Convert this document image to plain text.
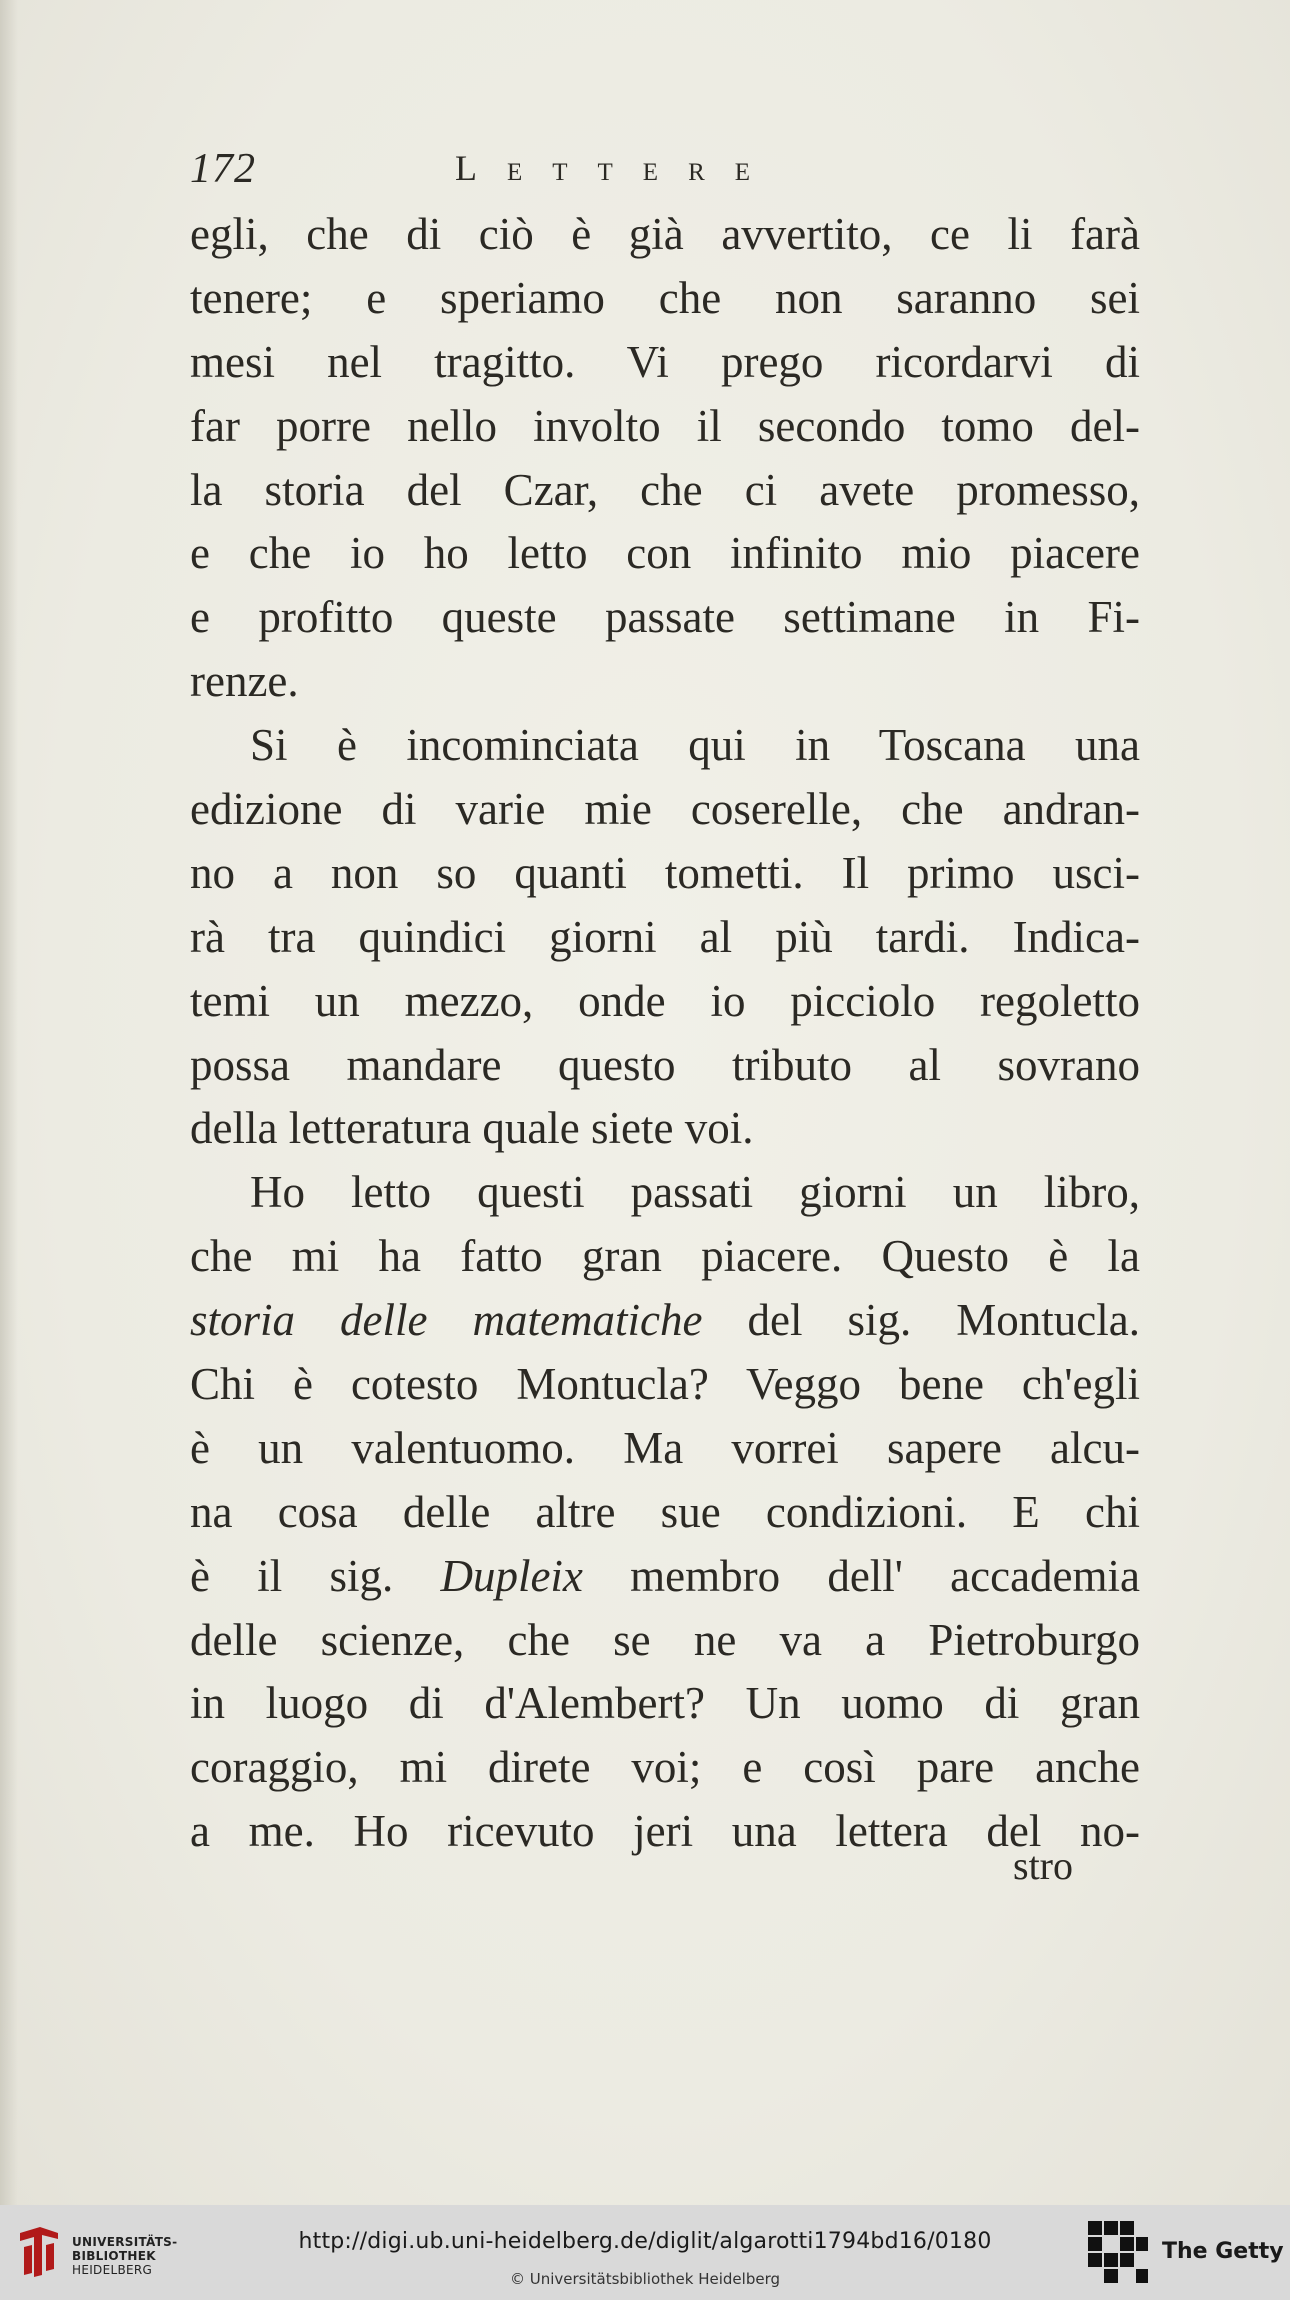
172	Lettere
egli, che di ciò è già avvertito, ce li farà
tenere; e speriamo che non saranno sei
mesi nel tragitto. Vi prego ricordarvi di
far porre nello involto il secondo tomo del-
la storia del Czar, che ci avete promesso,
e che io ho letto con infinito mio piacere
e profitto queste passate settimane in Fi-
renze.
Si è incominciata qui in Toscana una
edizione di varie mie coserelle, che andran-
no a non so quanti tometti. Il primo usci-
rà tra quindici giorni al più tardi. Indica-
temi un mezzo, onde io picciolo regoletto
possa mandare questo tributo al sovrano
della letteratura quale siete voi.
Ho letto questi passati giorni un libro,
che mi ha fatto gran piacere. Questo è la
storia delle matematiche del sig. Montucla.
Chi è cotesto Montucla? Veggo bene ch'egli
è un valentuomo. Ma vorrei sapere alcu-
na cosa delle altre sue condizioni. E chi
è il sig. Dupleix membro dell' accademia
delle scienze, che se ne va a Pietroburgo
in luogo di d'Alembert? Un uomo di gran
coraggio, mi direte voi; e così pare anche
a me. Ho ricevuto jeri una lettera del no-
stro
UNIVERSITÄTS-
BIBLIOTHEK
HEIDELBERG
http://digi.ub.uni-heidelberg.de/diglit/algarotti1794bd16/0180
© Universitätsbibliothek Heidelberg
The Getty
